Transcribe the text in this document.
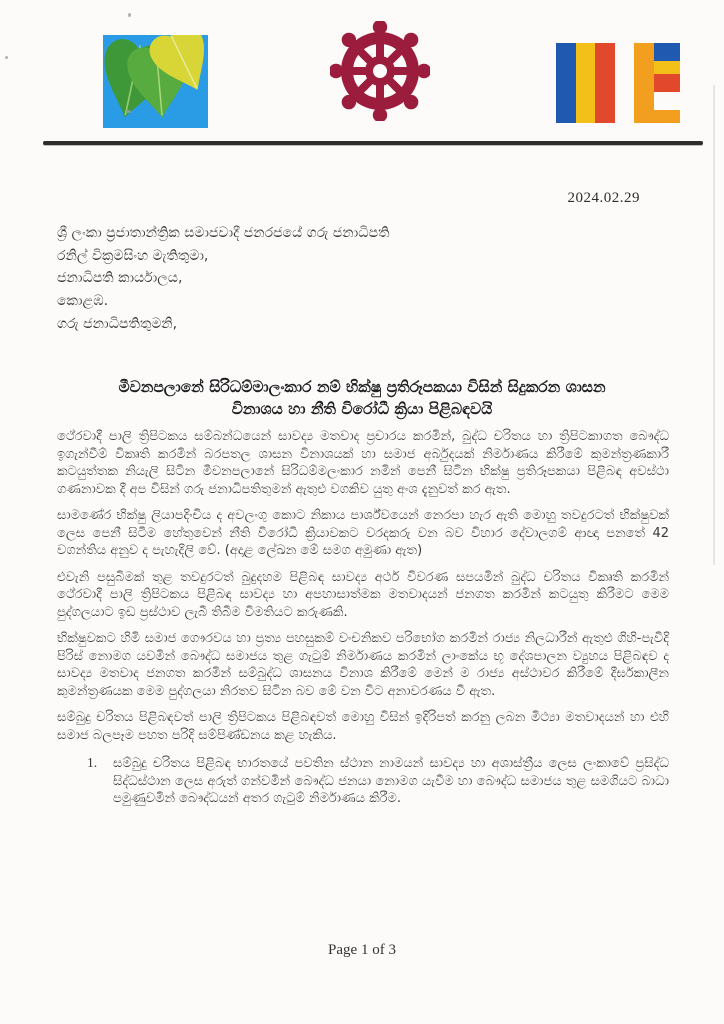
2024.02.29
ශ්‍රී ලංකා ප්‍රජාතාන්ත්‍රික සමාජවාදී ජනරජයේ ගරු ජනාධිපති
රනිල් වික්‍රමසිංහ මැතිතුමා,
ජනාධිපති කාර්යාලය,
කොළඹ.
ගරු ජනාධිපතිතුමනි,
මීවනපලානේ සිරිධම්මාලංකාර නම් භික්ෂු ප්‍රතිරූපකයා විසින් සිදුකරන ශාසන
විනාශය හා නීති විරෝධී ක්‍රියා පිළිබඳවයි

ථේරවාදී පාලි ත්‍රිපිටකය සම්බන්ධයෙන් සාවද්‍ය මතවාද ප්‍රචාරය කරමින්, බුද්ධ චරිතය හා ත්‍රිපිටකාගත බෞද්ධ ඉගැන්වීම් විකෘති කරමින් බරපතල ශාසන විනාශයක් හා සමාජ අර්බුදයක් නිර්මාණය කිරීමේ කුමන්ත්‍රණකාරී කටයුත්තක නියැලි සිටින මීවනපලානේ සිරිධම්මලංකාර නමින් පෙනී සිටින භික්ෂු ප්‍රතිරූපකයා පිළිබඳ අවස්ථා ගණනාවක දී අප විසින් ගරු ජනාධිපතිතුමන් ඇතුළු වගකිව යුතු අංශ දැනුවත් කර ඇත.

සාමණේර භික්ෂු ලියාපදිංචිය ද අවලංගු කොට නිකාය පාර්ශ්වයෙන් නෙරපා හැර ඇති මොහු තවදුරටත් භික්ෂුවක් ලෙස පෙනී සිටීම හේතුවෙන් නීති විරෝධී ක්‍රියාවකට වරදකරු වන බව විහාර දේවාලගම් ආඥා පනතේ 42 වගන්තිය අනුව ද පැහැදිලි වේ. (අදාළ ලේඛන මේ සමග අමුණා ඇත)

එවැනි පසුබිමක් තුළ තවදුරටත් බුදුදහම පිළිබඳ සාවද්‍ය අර්ථ විවරණ සපයමින් බුද්ධ චරිතය විකෘති කරමින් ථේරවාදී පාලි ත්‍රිපිටකය පිළිබඳ සාවද්‍ය හා අපහාසාත්මක මතවාදයන් ජනගත කරමින් කටයුතු කිරීමට මෙම පුද්ගලයාට ඉඩ ප්‍රස්ථාව ලැබී තිබීම විමතියට කරුණකි.

භික්ෂුවකට හිමි සමාජ ගෞරවය හා ප්‍රත්‍ය පහසුකම් වංචනිකව පරිභෝග කරමින් රාජ්‍ය නිලධාරීන් ඇතුළු ගිහි-පැවිදි පිරිස් නොමග යවමින් බෞද්ධ සමාජය තුළ ගැටුම් නිර්මාණය කරමින් ලාංකේය භූ දේශපාලන ව්‍යුහය පිළිබඳව ද සාවද්‍ය මතවාද ජනගත කරමින් සම්බුද්ධ ශාසනය විනාශ කිරීමේ මෙන් ම රාජ්‍ය අස්ථාවර කිරීමේ දීර්ඝකාලීන කුමන්ත්‍රණයක මෙම පුද්ගලයා නිරතව සිටින බව මේ වන විට අනාවරණය වී ඇත.

සම්බුදු චරිතය පිළිබඳවත් පාලි ත්‍රිපිටකය පිළිබඳවත් මොහු විසින් ඉදිරිපත් කරනු ලබන මිථ්‍යා මතවාදයන් හා එහි සමාජ බලපෑම පහත පරිදි සම්පිණ්ඩනය කළ හැකිය.

1.	සම්බුදු චරිතය පිළිබඳ භාරතයේ පවතින ස්ථාන නාමයන් සාවද්‍ය හා අශාස්ත්‍රීය ලෙස ලංකාවේ ප්‍රසිද්ධ සිද්ධස්ථාන ලෙස අරුත් ගන්වමින් බෞද්ධ ජනයා නොමග යැවීම හා බෞද්ධ සමාජය තුළ සමගියට බාධා පමුණුවමින් බෞද්ධයන් අතර ගැටුම් නිර්මාණය කිරීම.
Page 1 of 3
